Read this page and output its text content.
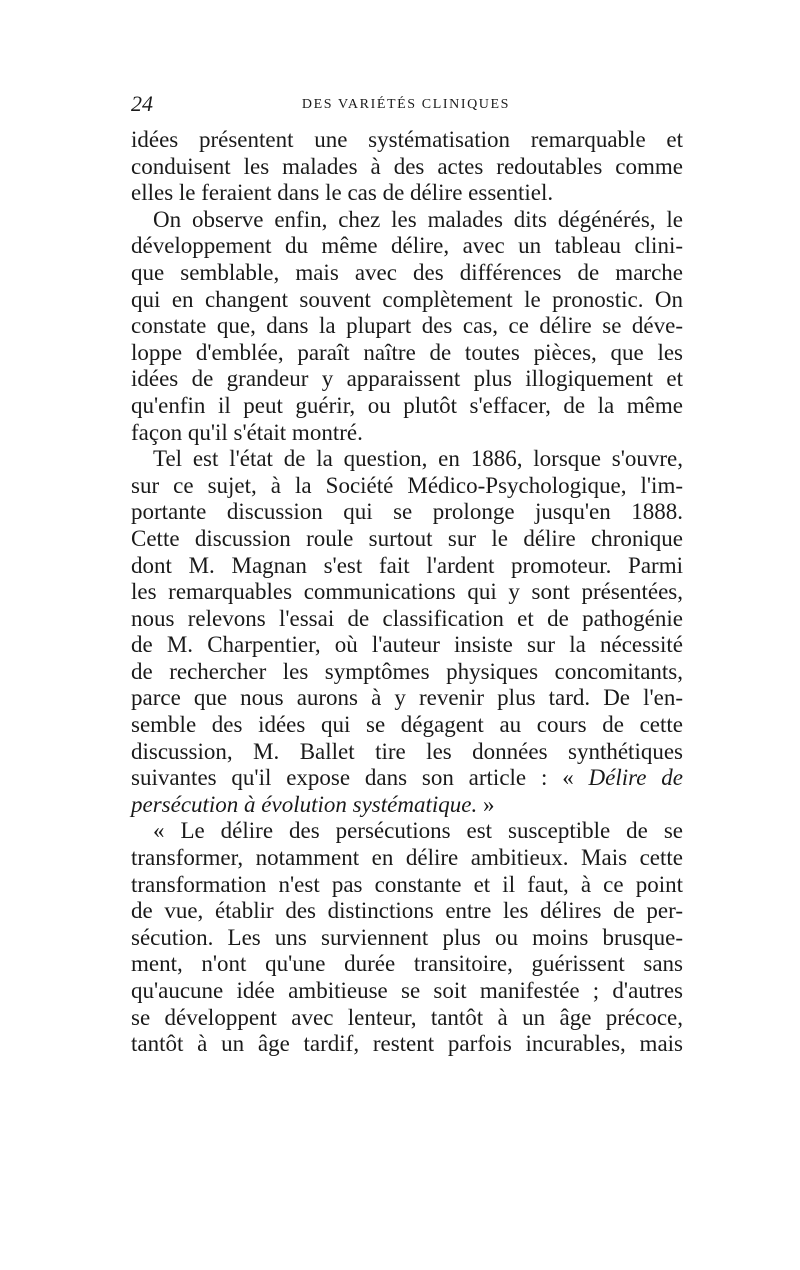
24	DES VARIÉTÉS CLINIQUES
idées présentent une systématisation remarquable et
conduisent les malades à des actes redoutables comme
elles le feraient dans le cas de délire essentiel.
On observe enfin, chez les malades dits dégénérés, le
développement du même délire, avec un tableau clini-
que semblable, mais avec des différences de marche
qui en changent souvent complètement le pronostic. On
constate que, dans la plupart des cas, ce délire se déve-
loppe d'emblée, paraît naître de toutes pièces, que les
idées de grandeur y apparaissent plus illogiquement et
qu'enfin il peut guérir, ou plutôt s'effacer, de la même
façon qu'il s'était montré.
Tel est l'état de la question, en 1886, lorsque s'ouvre,
sur ce sujet, à la Société Médico-Psychologique, l'im-
portante discussion qui se prolonge jusqu'en 1888.
Cette discussion roule surtout sur le délire chronique
dont M. Magnan s'est fait l'ardent promoteur. Parmi
les remarquables communications qui y sont présentées,
nous relevons l'essai de classification et de pathogénie
de M. Charpentier, où l'auteur insiste sur la nécessité
de rechercher les symptômes physiques concomitants,
parce que nous aurons à y revenir plus tard. De l'en-
semble des idées qui se dégagent au cours de cette
discussion, M. Ballet tire les données synthétiques
suivantes qu'il expose dans son article : « Délire de
persécution à évolution systématique. »
« Le délire des persécutions est susceptible de se
transformer, notamment en délire ambitieux. Mais cette
transformation n'est pas constante et il faut, à ce point
de vue, établir des distinctions entre les délires de per-
sécution. Les uns surviennent plus ou moins brusque-
ment, n'ont qu'une durée transitoire, guérissent sans
qu'aucune idée ambitieuse se soit manifestée ; d'autres
se développent avec lenteur, tantôt à un âge précoce,
tantôt à un âge tardif, restent parfois incurables, mais
